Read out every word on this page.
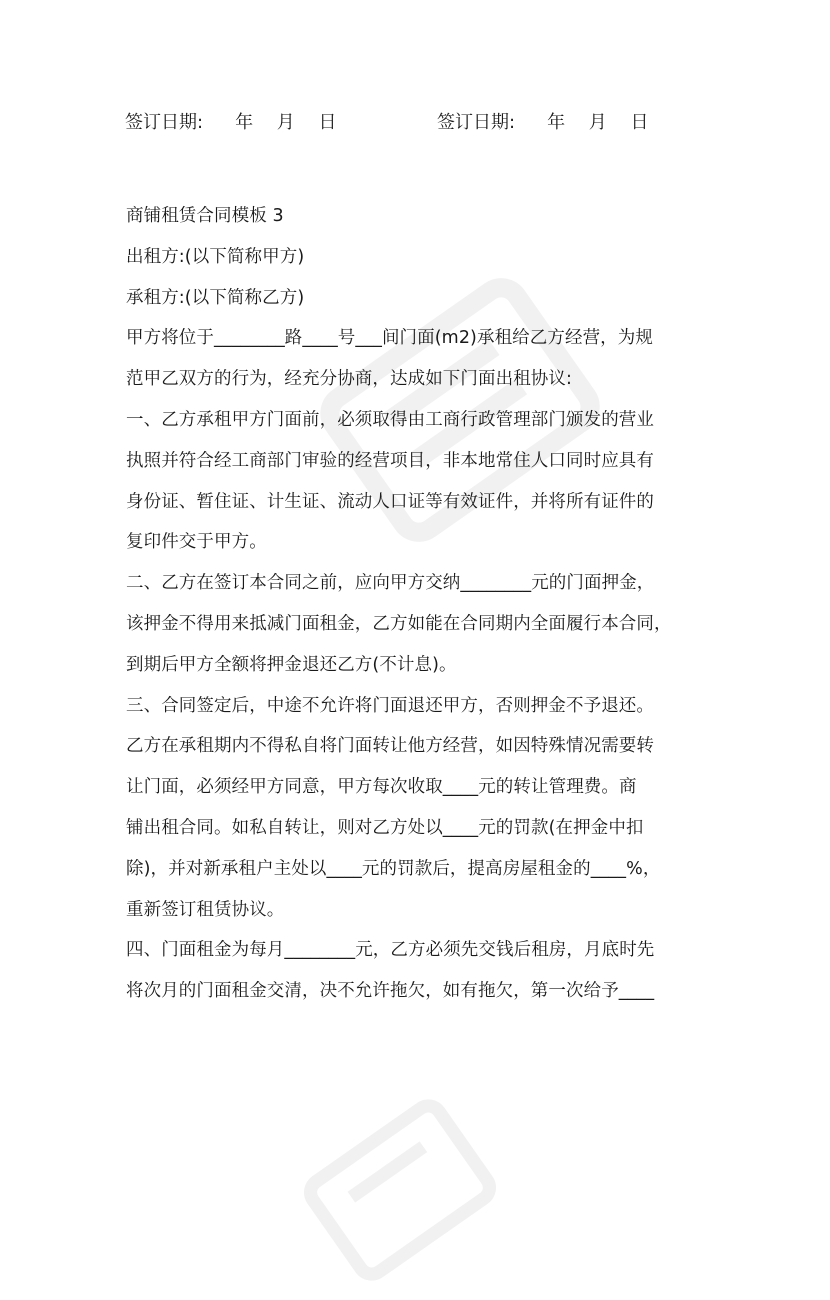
签订日期: 年 月 日	签订日期: 年 月 日
商铺租赁合同模板 3
出租方:(以下简称甲方)
承租方:(以下简称乙方)
甲方将位于________路____号___间门面(m2)承租给乙方经营，为规
范甲乙双方的行为，经充分协商，达成如下门面出租协议:
一、乙方承租甲方门面前，必须取得由工商行政管理部门颁发的营业
执照并符合经工商部门审验的经营项目，非本地常住人口同时应具有
身份证、暂住证、计生证、流动人口证等有效证件，并将所有证件的
复印件交于甲方。
二、乙方在签订本合同之前，应向甲方交纳________元的门面押金，
该押金不得用来抵减门面租金，乙方如能在合同期内全面履行本合同，
到期后甲方全额将押金退还乙方(不计息)。
三、合同签定后，中途不允许将门面退还甲方，否则押金不予退还。
乙方在承租期内不得私自将门面转让他方经营，如因特殊情况需要转
让门面，必须经甲方同意，甲方每次收取____元的转让管理费。商
铺出租合同。如私自转让，则对乙方处以____元的罚款(在押金中扣
除)，并对新承租户主处以____元的罚款后，提高房屋租金的____%，
重新签订租赁协议。
四、门面租金为每月________元，乙方必须先交钱后租房，月底时先
将次月的门面租金交清，决不允许拖欠，如有拖欠，第一次给予____
